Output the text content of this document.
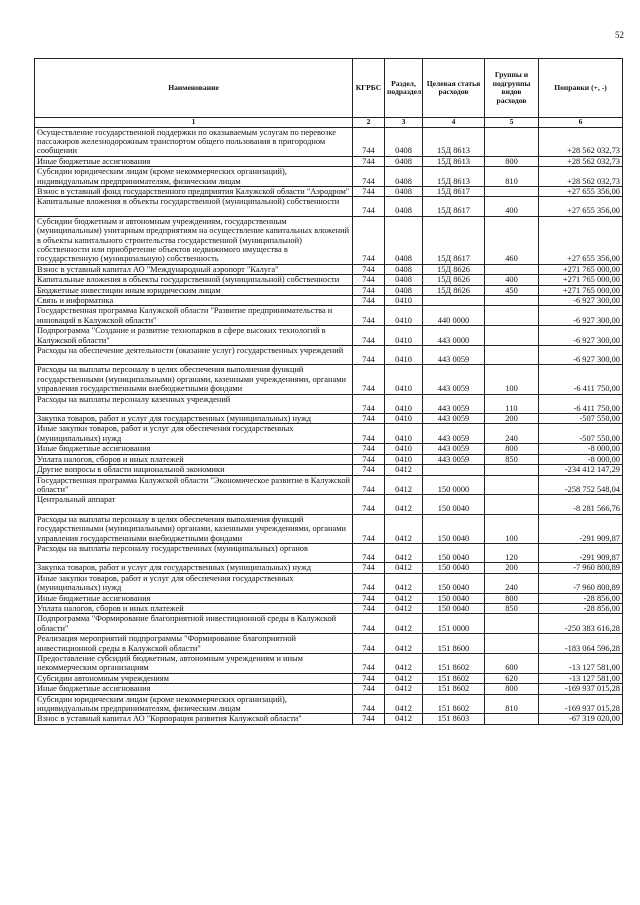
52
Наименование	КГРБС	Раздел, подраздел	Целевая статья расходов	Группы и подгруппы видов расходов	Поправки (+, -)
1	2	3	4	5	6
Осуществление государственной поддержки по оказываемым услугам по перевозке пассажиров железнодорожным транспортом общего пользования в пригородном сообщении	744	0408	15Д 8613		+28 562 032,73
Иные бюджетные ассигнования	744	0408	15Д 8613	800	+28 562 032,73
Субсидии юридическим лицам (кроме некоммерческих организаций), индивидуальным предпринимателям, физическим лицам	744	0408	15Д 8613	810	+28 562 032,73
Взнос в уставный фонд государственного предприятия Калужской области "Аэродром"	744	0408	15Д 8617		+27 655 356,00
Капитальные вложения в объекты государственной (муниципальной) собственности	744	0408	15Д 8617	400	+27 655 356,00
Субсидии бюджетным и автономным учреждениям, государственным (муниципальным) унитарным предприятиям на осуществление капитальных вложений в объекты капитального строительства государственной (муниципальной) собственности или приобретение объектов недвижимого имущества в государственную (муниципальную) собственность	744	0408	15Д 8617	460	+27 655 356,00
Взнос в уставный капитал АО "Международный аэропорт "Калуга"	744	0408	15Д 8626		+271 765 000,00
Капитальные вложения в объекты государственной (муниципальной) собственности	744	0408	15Д 8626	400	+271 765 000,00
Бюджетные инвестиции иным юридическим лицам	744	0408	15Д 8626	450	+271 765 000,00
Связь и информатика	744	0410			-6 927 300,00
Государственная программа Калужской области "Развитие предпринимательства и инноваций в Калужской области"	744	0410	440 0000		-6 927 300,00
Подпрограмма "Создание и развитие технопарков в сфере высоких технологий в Калужской области"	744	0410	443 0000		-6 927 300,00
Расходы на обеспечение деятельности (оказание услуг) государственных учреждений	744	0410	443 0059		-6 927 300,00
Расходы на выплаты персоналу в целях обеспечения выполнения функций государственными (муниципальными) органами, казенными учреждениями, органами управления государственными внебюджетными фондами	744	0410	443 0059	100	-6 411 750,00
Расходы на выплаты персоналу казенных учреждений	744	0410	443 0059	110	-6 411 750,00
Закупка товаров, работ и услуг для государственных (муниципальных) нужд	744	0410	443 0059	200	-507 550,00
Иные закупки товаров, работ и услуг для обеспечения государственных (муниципальных) нужд	744	0410	443 0059	240	-507 550,00
Иные бюджетные ассигнования	744	0410	443 0059	800	-8 000,00
Уплата налогов, сборов и иных платежей	744	0410	443 0059	850	-8 000,00
Другие вопросы в области национальной экономики	744	0412			-234 412 147,29
Государственная программа Калужской области "Экономическое развитие в Калужской области"	744	0412	150 0000		-258 752 548,04
Центральный аппарат	744	0412	150 0040		-8 281 566,76
Расходы на выплаты персоналу в целях обеспечения выполнения функций государственными (муниципальными) органами, казенными учреждениями, органами управления государственными внебюджетными фондами	744	0412	150 0040	100	-291 909,87
Расходы на выплаты персоналу государственных (муниципальных) органов	744	0412	150 0040	120	-291 909,87
Закупка товаров, работ и услуг для государственных (муниципальных) нужд	744	0412	150 0040	200	-7 960 800,89
Иные закупки товаров, работ и услуг для обеспечения государственных (муниципальных) нужд	744	0412	150 0040	240	-7 960 800,89
Иные бюджетные ассигнования	744	0412	150 0040	800	-28 856,00
Уплата налогов, сборов и иных платежей	744	0412	150 0040	850	-28 856,00
Подпрограмма "Формирование благоприятной инвестиционной среды в Калужской области"	744	0412	151 0000		-250 383 616,28
Реализация мероприятий подпрограммы "Формирование благоприятной инвестиционной среды в Калужской области"	744	0412	151 8600		-183 064 596,28
Предоставление субсидий бюджетным, автономным учреждениям и иным некоммерческим организациям	744	0412	151 8602	600	-13 127 581,00
Субсидии автономным учреждениям	744	0412	151 8602	620	-13 127 581,00
Иные бюджетные ассигнования	744	0412	151 8602	800	-169 937 015,28
Субсидии юридическим лицам (кроме некоммерческих организаций), индивидуальным предпринимателям, физическим лицам	744	0412	151 8602	810	-169 937 015,28
Взнос в уставный капитал АО "Корпорация развития Калужской области"	744	0412	151 8603		-67 319 020,00
